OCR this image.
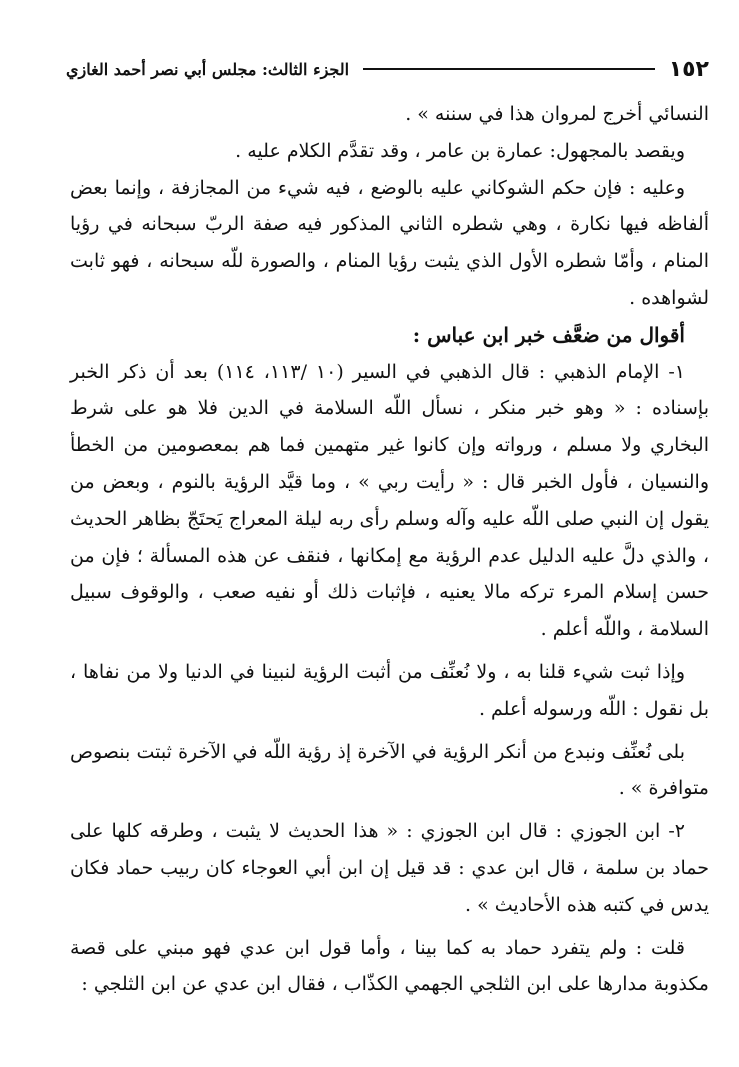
١٥٢
الجزء الثالث: مجلس أبي نصر أحمد الغازي

النسائي أخرج لمروان هذا في سننه » .

ويقصد بالمجهول: عمارة بن عامر ، وقد تقدَّم الكلام عليه .

وعليه : فإن حكم الشوكاني عليه بالوضع ، فيه شيء من المجازفة ، وإنما بعض ألفاظه فيها نكارة ، وهي شطره الثاني المذكور فيه صفة الربّ سبحانه في رؤيا المنام ، وأمّا شطره الأول الذي يثبت رؤيا المنام ، والصورة للّه سبحانه ، فهو ثابت لشواهده .

أقوال من ضعَّف خبر ابن عباس :

١- الإمام الذهبي : قال الذهبي في السير (١٠ /١١٣، ١١٤) بعد أن ذكر الخبر بإسناده : « وهو خبر منكر ، نسأل اللّه السلامة في الدين فلا هو على شرط البخاري ولا مسلم ، ورواته وإن كانوا غير متهمين فما هم بمعصومين من الخطأ والنسيان ، فأول الخبر قال : « رأيت ربي » ، وما قيَّد الرؤية بالنوم ، وبعض من يقول إن النبي صلى اللّه عليه وآله وسلم رأى ربه ليلة المعراج يَحتَجّ بظاهر الحديث ، والذي دلَّ عليه الدليل عدم الرؤية مع إمكانها ، فنقف عن هذه المسألة ؛ فإن من حسن إسلام المرء تركه مالا يعنيه ، فإثبات ذلك أو نفيه صعب ، والوقوف سبيل السلامة ، واللّه أعلم .

وإذا ثبت شيء قلنا به ، ولا نُعنِّف من أثبت الرؤية لنبينا في الدنيا ولا من نفاها ، بل نقول : اللّه ورسوله أعلم .

بلى نُعنِّف ونبدع من أنكر الرؤية في الآخرة إذ رؤية اللّه في الآخرة ثبتت بنصوص متوافرة » .

٢- ابن الجوزي : قال ابن الجوزي : « هذا الحديث لا يثبت ، وطرقه كلها على حماد بن سلمة ، قال ابن عدي : قد قيل إن ابن أبي العوجاء كان ربيب حماد فكان يدس في كتبه هذه الأحاديث » .

قلت : ولم يتفرد حماد به كما بينا ، وأما قول ابن عدي فهو مبني على قصة مكذوبة مدارها على ابن الثلجي الجهمي الكذّاب ، فقال ابن عدي عن ابن الثلجي :
